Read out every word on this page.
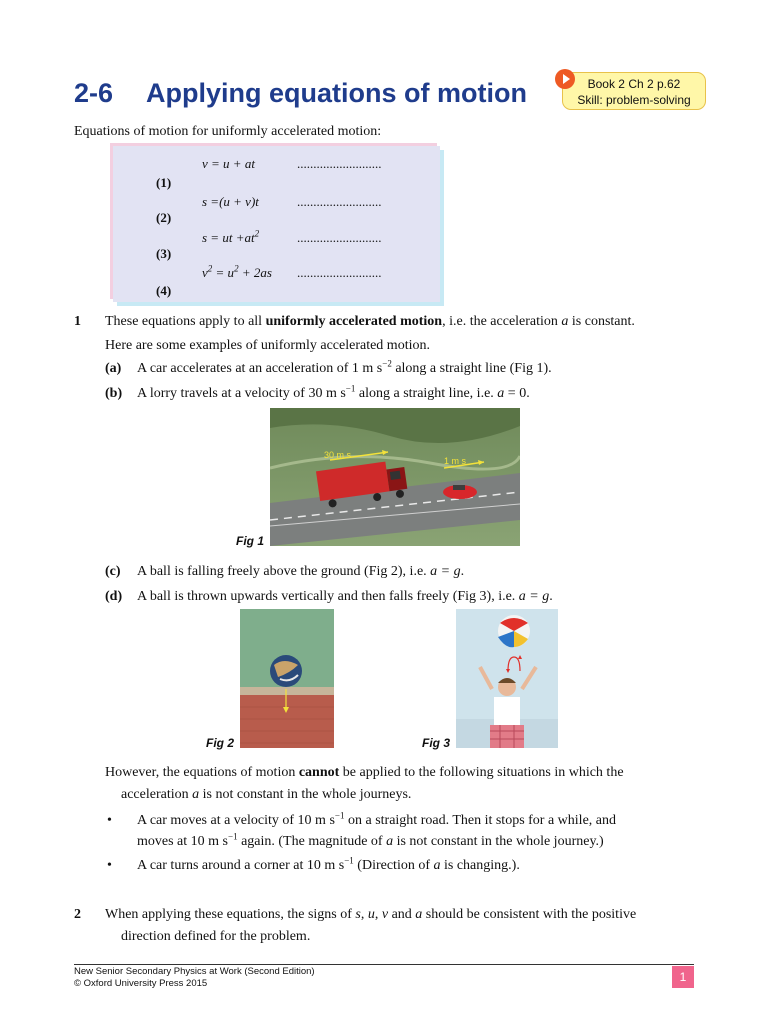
2-6 Applying equations of motion	Book 2 Ch 2 p.62
Skill: problem-solving

Equations of motion for uniformly accelerated motion:

v = u + at	..........................
(1)
s =(u + v)t	..........................
(2)
s = ut $+at^2$	..........................
(3)
$v^2 = u^2 + 2as$ ..........................
(4)

1 These equations apply to all uniformly accelerated motion, i.e. the acceleration a is constant.

Here are some examples of uniformly accelerated motion.

(a) A car accelerates at an acceleration of 1 m $s^{-2}$ along a straight line (Fig 1).

(b) A lorry travels at a velocity of 30 m $s^{-1}$ along a straight line, i.e. a = 0.

30 m s
1 m s
Fig 1

(c) A ball is falling freely above the ground (Fig 2), i.e. a = g.

(d) A ball is thrown upwards vertically and then falls freely (Fig 3), i.e. a = g.

Fig 2	Fig 3

However, the equations of motion cannot be applied to the following situations in which the

acceleration a is not constant in the whole journeys.

• A car moves at a velocity of 10 m $s^{-1}$ on a straight road. Then it stops for a while, and

moves at 10 m $s^{-1}$ again. (The magnitude of a is not constant in the whole journey.)

• A car turns around a corner at 10 m $s^{-1}$ (Direction of a is changing.).

2 When applying these equations, the signs of s, u, v and a should be consistent with the positive

direction defined for the problem.

New Senior Secondary Physics at Work (Second Edition)
© Oxford University Press 2015	1
